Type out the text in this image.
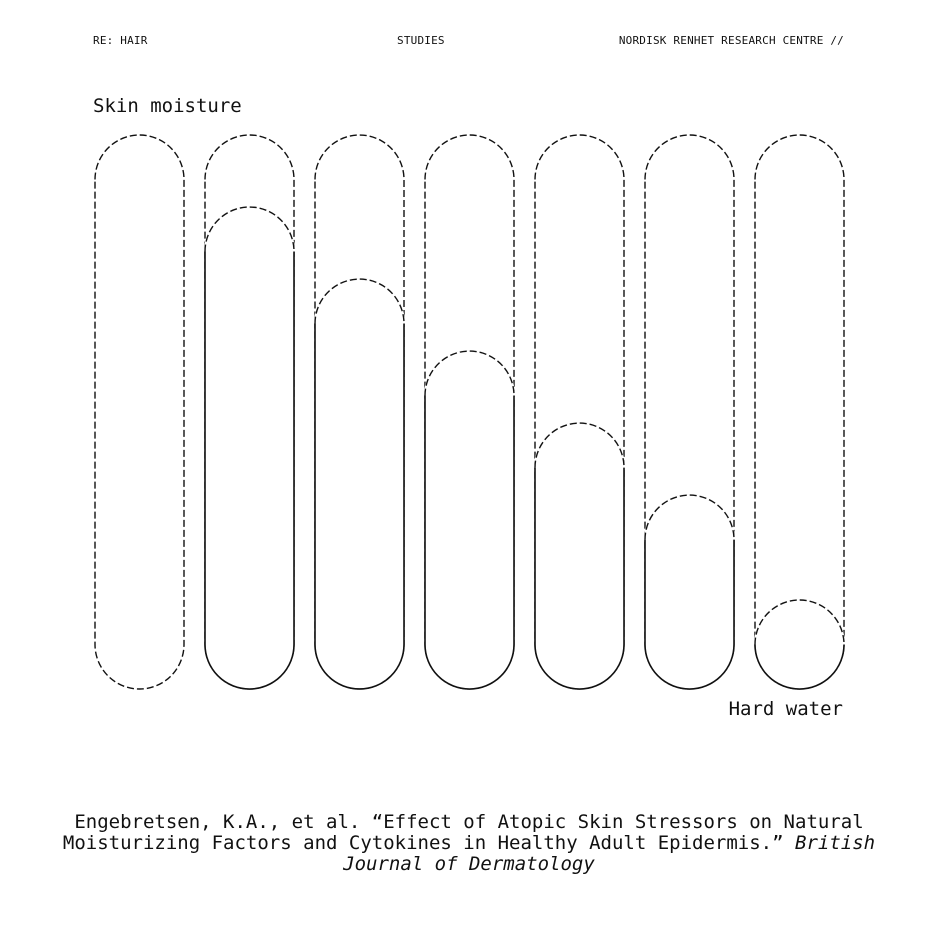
RE: HAIR	STUDIES	NORDISK RENHET RESEARCH CENTRE //
Skin moisture
Hard water
Engebretsen, K.A., et al. “Effect of Atopic Skin Stressors on Natural Moisturizing Factors and Cytokines in Healthy Adult Epidermis.” British Journal of Dermatology
